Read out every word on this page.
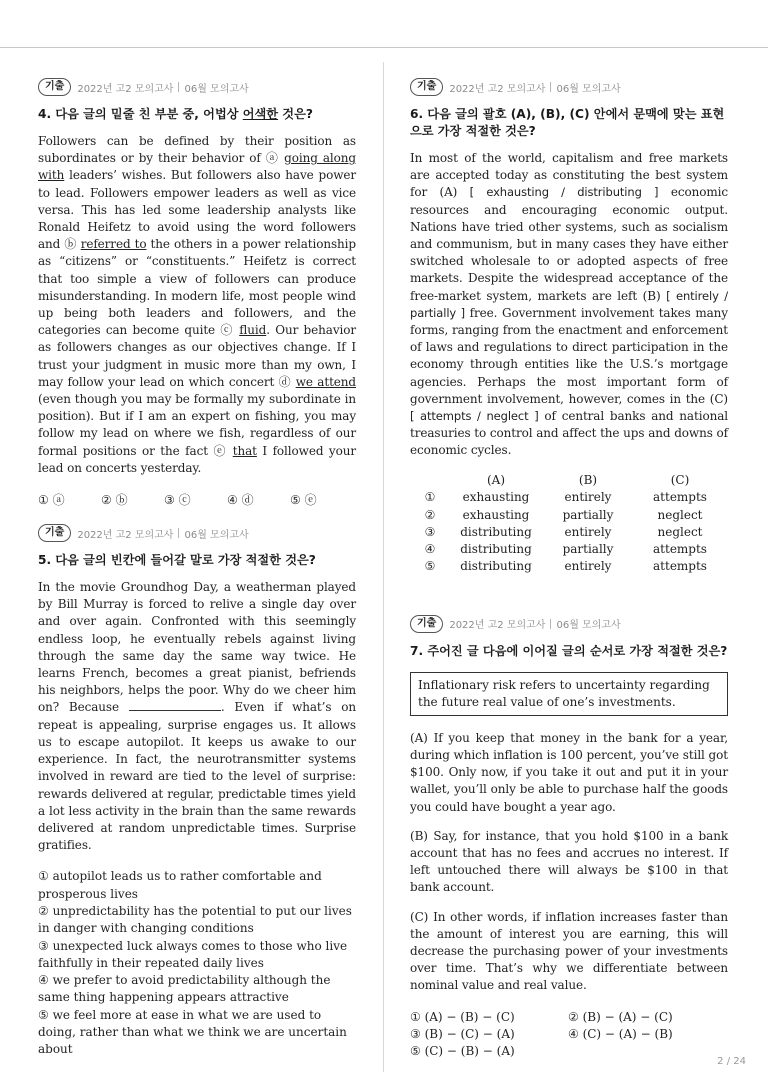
기출	2022년 고2 모의고사 06월 모의고사
4. 다음 글의 밑줄 친 부분 중, 어법상 어색한 것은?

Followers can be defined by their position as subordinates or by their behavior of ⓐ going along with leaders’ wishes. But followers also have power to lead. Followers empower leaders as well as vice versa. This has led some leadership analysts like Ronald Heifetz to avoid using the word followers and ⓑ referred to the others in a power relationship as “citizens” or “constituents.” Heifetz is correct that too simple a view of followers can produce misunderstanding. In modern life, most people wind up being both leaders and followers, and the categories can become quite ⓒ fluid. Our behavior as followers changes as our objectives change. If I trust your judgment in music more than my own, I may follow your lead on which concert ⓓ we attend (even though you may be formally my subordinate in position). But if I am an expert on fishing, you may follow my lead on where we fish, regardless of our formal positions or the fact ⓔ that I followed your lead on concerts yesterday.

① ⓐ	② ⓑ	③ ⓒ	④ ⓓ	⑤ ⓔ
기출	2022년 고2 모의고사 06월 모의고사
5. 다음 글의 빈칸에 들어갈 말로 가장 적절한 것은?

In the movie Groundhog Day, a weatherman played by Bill Murray is forced to relive a single day over and over again. Confronted with this seemingly endless loop, he eventually rebels against living through the same day the same way twice. He learns French, becomes a great pianist, befriends his neighbors, helps the poor. Why do we cheer him on? Because	. Even if what’s on repeat is appealing, surprise engages us. It allows us to escape autopilot. It keeps us awake to our experience. In fact, the neurotransmitter systems involved in reward are tied to the level of surprise: rewards delivered at regular, predictable times yield a lot less activity in the brain than the same rewards delivered at random unpredictable times. Surprise gratifies.

① autopilot leads us to rather comfortable and prosperous lives
② unpredictability has the potential to put our lives in danger with changing conditions
③ unexpected luck always comes to those who live faithfully in their repeated daily lives
④ we prefer to avoid predictability although the same thing happening appears attractive
⑤ we feel more at ease in what we are used to doing, rather than what we think we are uncertain about
기출	2022년 고2 모의고사 06월 모의고사
6. 다음 글의 괄호 (A), (B), (C) 안에서 문맥에 맞는 표현으로 가장 적절한 것은?

In most of the world, capitalism and free markets are accepted today as constituting the best system for (A) [ exhausting / distributing ] economic resources and encouraging economic output. Nations have tried other systems, such as socialism and communism, but in many cases they have either switched wholesale to or adopted aspects of free markets. Despite the widespread acceptance of the free-market system, markets are left (B) [ entirely / partially ] free. Government involvement takes many forms, ranging from the enactment and enforcement of laws and regulations to direct participation in the economy through entities like the U.S.’s mortgage agencies. Perhaps the most important form of government involvement, however, comes in the (C) [ attempts / neglect ] of central banks and national treasuries to control and affect the ups and downs of economic cycles.

	(A)	(B)	(C)
①	exhausting	entirely	attempts
②	exhausting	partially	neglect
③	distributing	entirely	neglect
④	distributing	partially	attempts
⑤	distributing	entirely	attempts
기출	2022년 고2 모의고사 06월 모의고사
7. 주어진 글 다음에 이어질 글의 순서로 가장 적절한 것은?
Inflationary risk refers to uncertainty regarding the future real value of one’s investments.

(A) If you keep that money in the bank for a year, during which inflation is 100 percent, you’ve still got $100. Only now, if you take it out and put it in your wallet, you’ll only be able to purchase half the goods you could have bought a year ago.

(B) Say, for instance, that you hold $100 in a bank account that has no fees and accrues no interest. If left untouched there will always be $100 in that bank account.

(C) In other words, if inflation increases faster than the amount of interest you are earning, this will decrease the purchasing power of your investments over time. That’s why we differentiate between nominal value and real value.

① (A) − (B) − (C)	② (B) − (A) − (C)
③ (B) − (C) − (A)	④ (C) − (A) − (B)
⑤ (C) − (B) − (A)
2 / 24
